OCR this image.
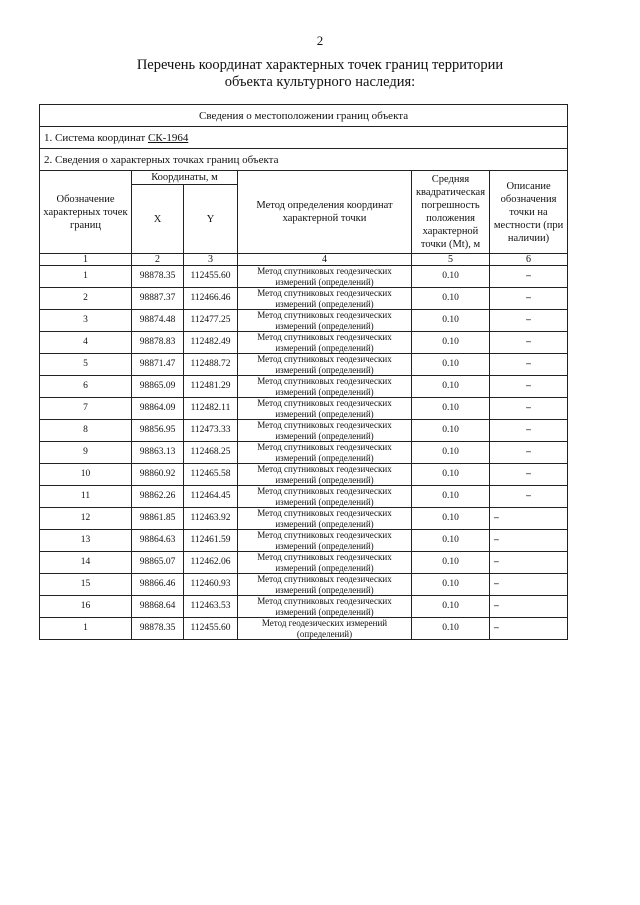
2
Перечень координат характерных точек границ территории
объекта культурного наследия:
Сведения о местоположении границ объекта					
1. Система координат СК-1964					
2. Сведения о характерных точках границ объекта					
Обозначение характерных точек границ	Координаты, м		Метод определения координат характерной точки	Средняя квадратическая погрешность положения характерной точки (Мt), м	Описание обозначения точки на местности (при наличии)
	X	Y			
1	2	3	4	5	6
1	98878.35	112455.60	Метод спутниковых геодезических измерений (определений)	0.10	–
2	98887.37	112466.46	Метод спутниковых геодезических измерений (определений)	0.10	–
3	98874.48	112477.25	Метод спутниковых геодезических измерений (определений)	0.10	–
4	98878.83	112482.49	Метод спутниковых геодезических измерений (определений)	0.10	–
5	98871.47	112488.72	Метод спутниковых геодезических измерений (определений)	0.10	–
6	98865.09	112481.29	Метод спутниковых геодезических измерений (определений)	0.10	–
7	98864.09	112482.11	Метод спутниковых геодезических измерений (определений)	0.10	–
8	98856.95	112473.33	Метод спутниковых геодезических измерений (определений)	0.10	–
9	98863.13	112468.25	Метод спутниковых геодезических измерений (определений)	0.10	–
10	98860.92	112465.58	Метод спутниковых геодезических измерений (определений)	0.10	–
11	98862.26	112464.45	Метод спутниковых геодезических измерений (определений)	0.10	–
12	98861.85	112463.92	Метод спутниковых геодезических измерений (определений)	0.10	–
13	98864.63	112461.59	Метод спутниковых геодезических измерений (определений)	0.10	–
14	98865.07	112462.06	Метод спутниковых геодезических измерений (определений)	0.10	–
15	98866.46	112460.93	Метод спутниковых геодезических измерений (определений)	0.10	–
16	98868.64	112463.53	Метод спутниковых геодезических измерений (определений)	0.10	–
1	98878.35	112455.60	Метод геодезических измерений (определений)	0.10	–
